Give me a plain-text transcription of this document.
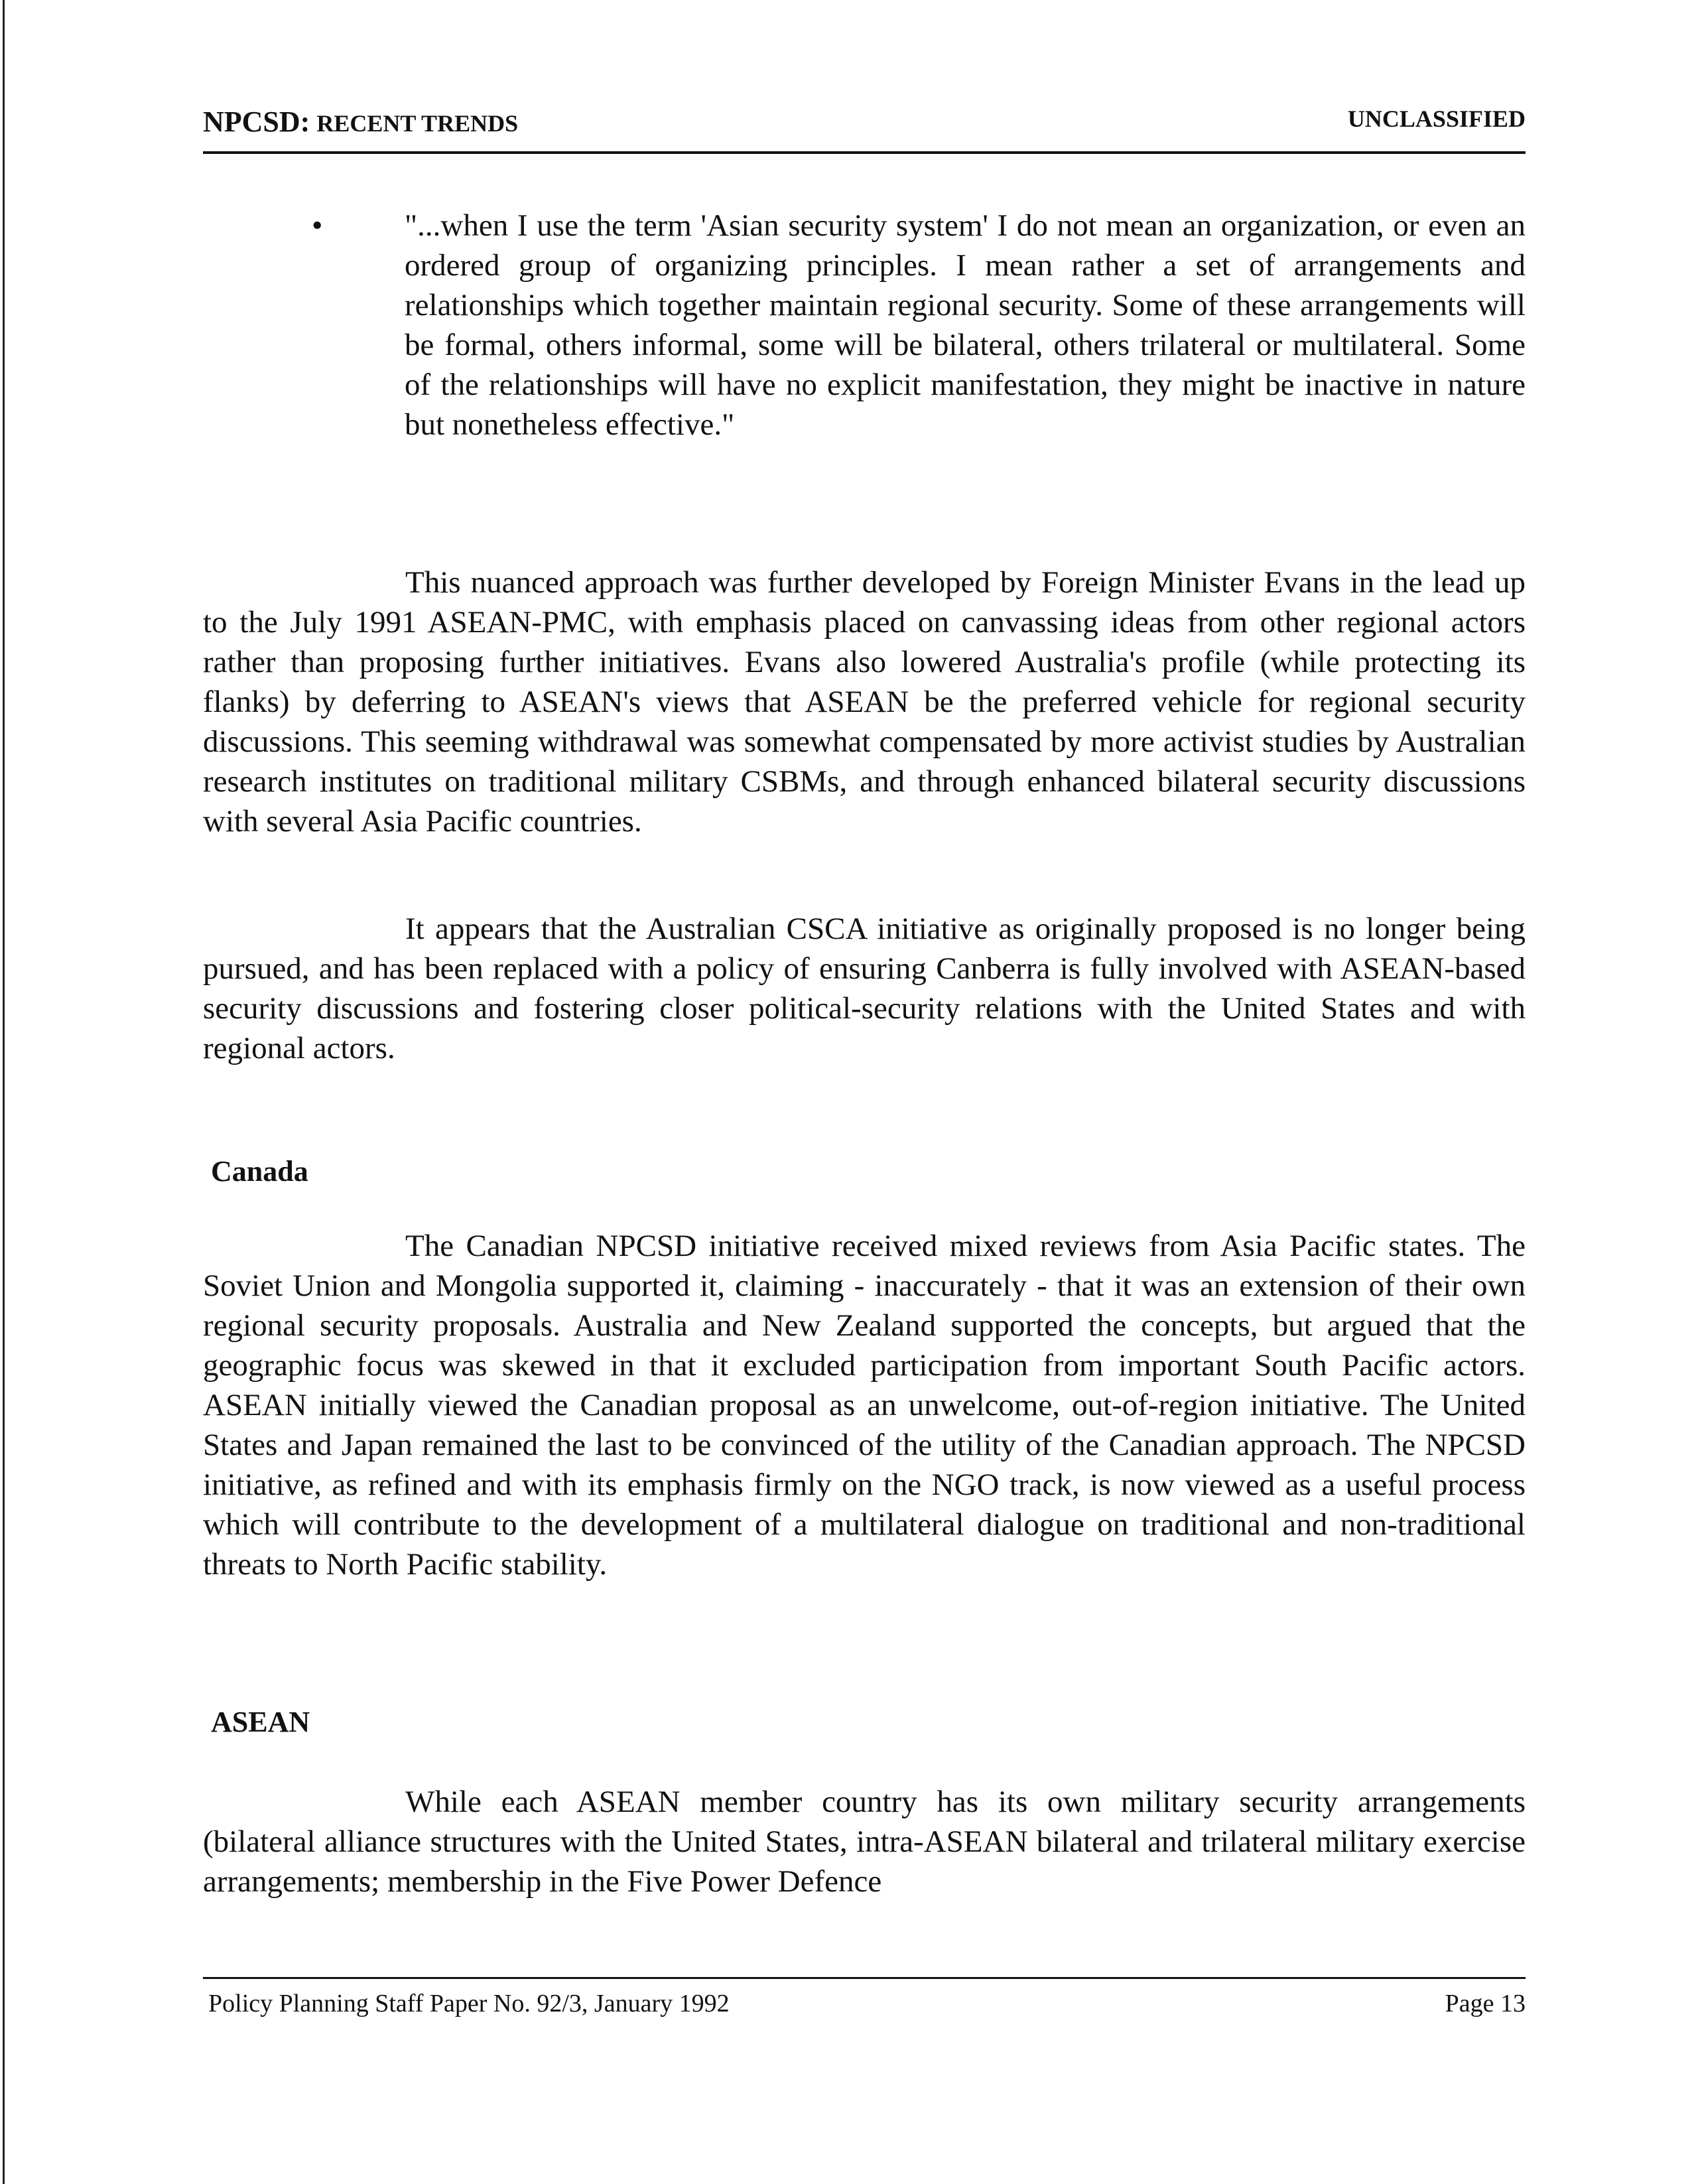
NPCSD: RECENT TRENDS	UNCLASSIFIED
•	"...when I use the term 'Asian security system' I do not mean an organization, or even an ordered group of organizing principles. I mean rather a set of arrangements and relationships which together maintain regional security. Some of these arrangements will be formal, others informal, some will be bilateral, others trilateral or multilateral. Some of the relationships will have no explicit manifestation, they might be inactive in nature but nonetheless effective."

This nuanced approach was further developed by Foreign Minister Evans in the lead up to the July 1991 ASEAN-PMC, with emphasis placed on canvassing ideas from other regional actors rather than proposing further initiatives. Evans also lowered Australia's profile (while protecting its flanks) by deferring to ASEAN's views that ASEAN be the preferred vehicle for regional security discussions. This seeming withdrawal was somewhat compensated by more activist studies by Australian research institutes on traditional military CSBMs, and through enhanced bilateral security discussions with several Asia Pacific countries.

It appears that the Australian CSCA initiative as originally proposed is no longer being pursued, and has been replaced with a policy of ensuring Canberra is fully involved with ASEAN-based security discussions and fostering closer political-security relations with the United States and with regional actors.

Canada

The Canadian NPCSD initiative received mixed reviews from Asia Pacific states. The Soviet Union and Mongolia supported it, claiming - inaccurately - that it was an extension of their own regional security proposals. Australia and New Zealand supported the concepts, but argued that the geographic focus was skewed in that it excluded participation from important South Pacific actors. ASEAN initially viewed the Canadian proposal as an unwelcome, out-of-region initiative. The United States and Japan remained the last to be convinced of the utility of the Canadian approach. The NPCSD initiative, as refined and with its emphasis firmly on the NGO track, is now viewed as a useful process which will contribute to the development of a multilateral dialogue on traditional and non-traditional threats to North Pacific stability.

ASEAN

While each ASEAN member country has its own military security arrangements (bilateral alliance structures with the United States, intra-ASEAN bilateral and trilateral military exercise arrangements; membership in the Five Power Defence

Policy Planning Staff Paper No. 92/3, January 1992	Page 13
